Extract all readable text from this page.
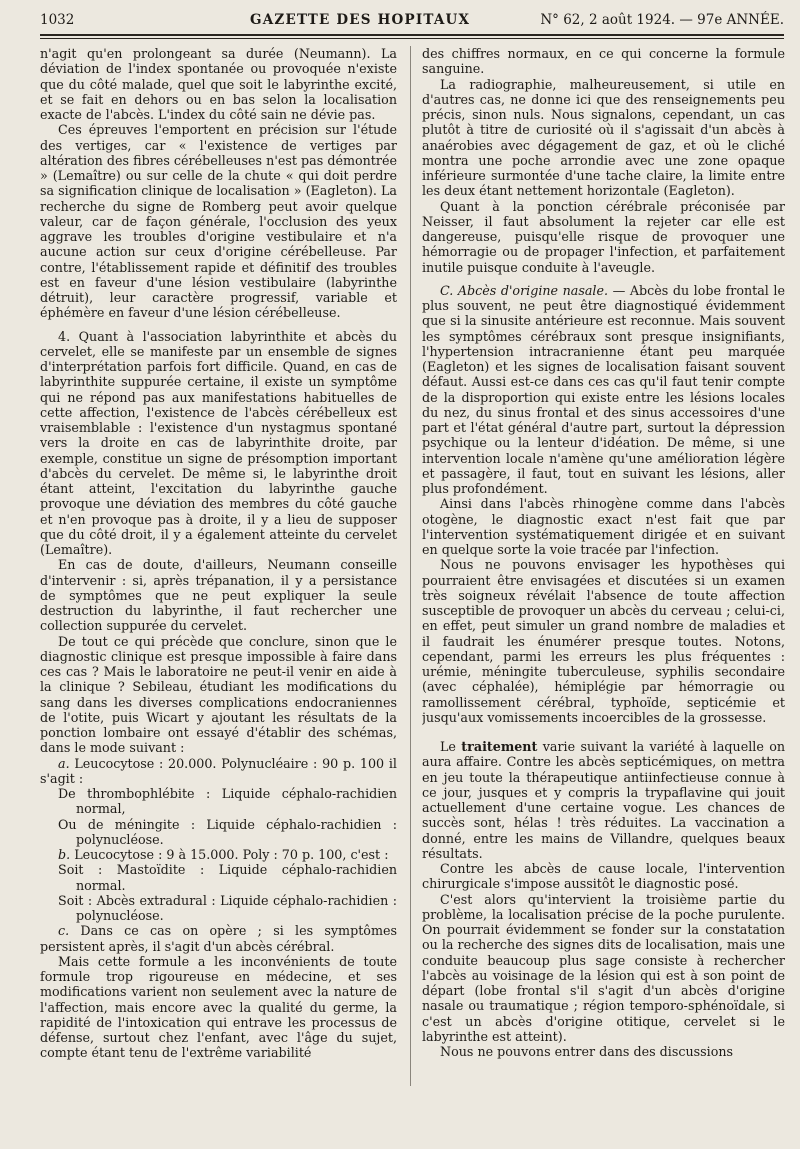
1032	GAZETTE DES HOPITAUX	N° 62, 2 août 1924. — 97e ANNÉE.

n'agit qu'en prolongeant sa durée (Neumann). La déviation de l'index spontanée ou provoquée n'existe que du côté malade, quel que soit le labyrinthe excité, et se fait en dehors ou en bas selon la localisation exacte de l'abcès. L'index du côté sain ne dévie pas.

Ces épreuves l'emportent en précision sur l'étude des vertiges, car « l'existence de vertiges par altération des fibres cérébelleuses n'est pas démontrée » (Lemaître) ou sur celle de la chute « qui doit perdre sa signification clinique de localisation » (Eagleton). La recherche du signe de Romberg peut avoir quelque valeur, car de façon générale, l'occlusion des yeux aggrave les troubles d'origine vestibulaire et n'a aucune action sur ceux d'origine cérébelleuse. Par contre, l'établissement rapide et définitif des troubles est en faveur d'une lésion vestibulaire (labyrinthe détruit), leur caractère progressif, variable et éphémère en faveur d'une lésion cérébelleuse.

4. Quant à l'association labyrinthite et abcès du cervelet, elle se manifeste par un ensemble de signes d'interprétation parfois fort difficile. Quand, en cas de labyrinthite suppurée certaine, il existe un symptôme qui ne répond pas aux manifestations habituelles de cette affection, l'existence de l'abcès cérébelleux est vraisemblable : l'existence d'un nystagmus spontané vers la droite en cas de labyrinthite droite, par exemple, constitue un signe de présomption important d'abcès du cervelet. De même si, le labyrinthe droit étant atteint, l'excitation du labyrinthe gauche provoque une déviation des membres du côté gauche et n'en provoque pas à droite, il y a lieu de supposer que du côté droit, il y a également atteinte du cervelet (Lemaître).

En cas de doute, d'ailleurs, Neumann conseille d'intervenir : si, après trépanation, il y a persistance de symptômes que ne peut expliquer la seule destruction du labyrinthe, il faut rechercher une collection suppurée du cervelet.

De tout ce qui précède que conclure, sinon que le diagnostic clinique est presque impossible à faire dans ces cas ? Mais le laboratoire ne peut-il venir en aide à la clinique ? Sebileau, étudiant les modifications du sang dans les diverses complications endocraniennes de l'otite, puis Wicart y ajoutant les résultats de la ponction lombaire ont essayé d'établir des schémas, dans le mode suivant :

a. Leucocytose : 20.000. Polynucléaire : 90 p. 100 il s'agit :

De thrombophlébite : Liquide céphalo-rachidien normal,

Ou de méningite : Liquide céphalo-rachidien : polynucléose.

b. Leucocytose : 9 à 15.000. Poly : 70 p. 100, c'est :

Soit : Mastoïdite : Liquide céphalo-rachidien normal.

Soit : Abcès extradural : Liquide céphalo-rachidien : polynucléose.

c. Dans ce cas on opère ; si les symptômes persistent après, il s'agit d'un abcès cérébral.

Mais cette formule a les inconvénients de toute formule trop rigoureuse en médecine, et ses modifications varient non seulement avec la nature de l'affection, mais encore avec la qualité du germe, la rapidité de l'intoxication qui entrave les processus de défense, surtout chez l'enfant, avec l'âge du sujet, compte étant tenu de l'extrême variabilité

des chiffres normaux, en ce qui concerne la formule sanguine.

La radiographie, malheureusement, si utile en d'autres cas, ne donne ici que des renseignements peu précis, sinon nuls. Nous signalons, cependant, un cas plutôt à titre de curiosité où il s'agissait d'un abcès à anaérobies avec dégagement de gaz, et où le cliché montra une poche arrondie avec une zone opaque inférieure surmontée d'une tache claire, la limite entre les deux étant nettement horizontale (Eagleton).

Quant à la ponction cérébrale préconisée par Neisser, il faut absolument la rejeter car elle est dangereuse, puisqu'elle risque de provoquer une hémorragie ou de propager l'infection, et parfaitement inutile puisque conduite à l'aveugle.

C. Abcès d'origine nasale. — Abcès du lobe frontal le plus souvent, ne peut être diagnostiqué évidemment que si la sinusite antérieure est reconnue. Mais souvent les symptômes cérébraux sont presque insignifiants, l'hypertension intracranienne étant peu marquée (Eagleton) et les signes de localisation faisant souvent défaut. Aussi est-ce dans ces cas qu'il faut tenir compte de la disproportion qui existe entre les lésions locales du nez, du sinus frontal et des sinus accessoires d'une part et l'état général d'autre part, surtout la dépression psychique ou la lenteur d'idéation. De même, si une intervention locale n'amène qu'une amélioration légère et passagère, il faut, tout en suivant les lésions, aller plus profondément.

Ainsi dans l'abcès rhinogène comme dans l'abcès otogène, le diagnostic exact n'est fait que par l'intervention systématiquement dirigée et en suivant en quelque sorte la voie tracée par l'infection.

Nous ne pouvons envisager les hypothèses qui pourraient être envisagées et discutées si un examen très soigneux révélait l'absence de toute affection susceptible de provoquer un abcès du cerveau ; celui-ci, en effet, peut simuler un grand nombre de maladies et il faudrait les énumérer presque toutes. Notons, cependant, parmi les erreurs les plus fréquentes : urémie, méningite tuberculeuse, syphilis secondaire (avec céphalée), hémiplégie par hémorragie ou ramollissement cérébral, typhoïde, septicémie et jusqu'aux vomissements incoercibles de la grossesse.

Le traitement varie suivant la variété à laquelle on aura affaire. Contre les abcès septicémiques, on mettra en jeu toute la thérapeutique antiinfectieuse connue à ce jour, jusques et y compris la trypaflavine qui jouit actuellement d'une certaine vogue. Les chances de succès sont, hélas ! très réduites. La vaccination a donné, entre les mains de Villandre, quelques beaux résultats.

Contre les abcès de cause locale, l'intervention chirurgicale s'impose aussitôt le diagnostic posé.

C'est alors qu'intervient la troisième partie du problème, la localisation précise de la poche purulente. On pourrait évidemment se fonder sur la constatation ou la recherche des signes dits de localisation, mais une conduite beaucoup plus sage consiste à rechercher l'abcès au voisinage de la lésion qui est à son point de départ (lobe frontal s'il s'agit d'un abcès d'origine nasale ou traumatique ; région temporo-sphénoïdale, si c'est un abcès d'origine otitique, cervelet si le labyrinthe est atteint).

Nous ne pouvons entrer dans des discussions
